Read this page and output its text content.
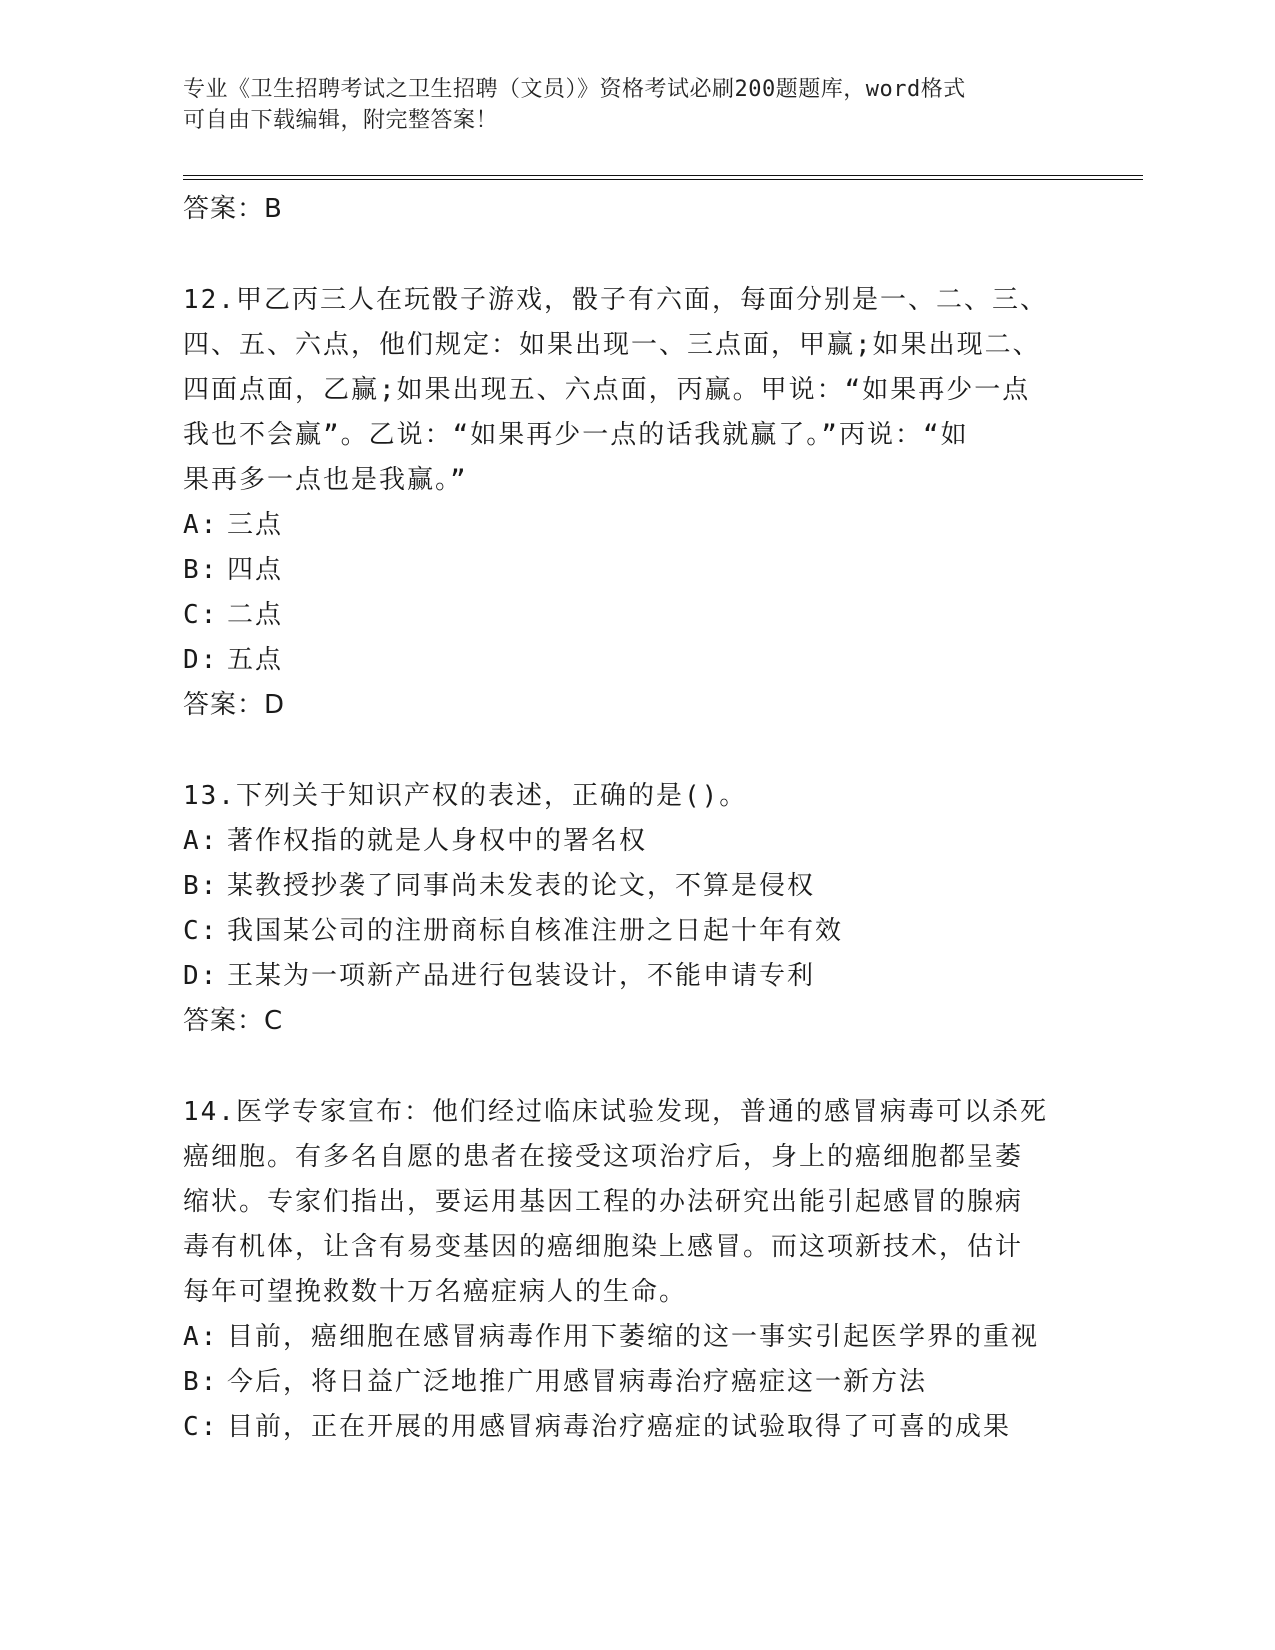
专业《卫生招聘考试之卫生招聘（文员）》资格考试必刷200题题库，word格式
可自由下载编辑，附完整答案！
答案：B
12.甲乙丙三人在玩骰子游戏，骰子有六面，每面分别是一、二、三、
四、五、六点，他们规定：如果出现一、三点面，甲赢;如果出现二、
四面点面，乙赢;如果出现五、六点面，丙赢。甲说：“如果再少一点
我也不会赢”。乙说：“如果再少一点的话我就赢了。”丙说：“如
果再多一点也是我赢。”
A: 三点
B: 四点
C: 二点
D: 五点
答案：D
13.下列关于知识产权的表述，正确的是()。
A: 著作权指的就是人身权中的署名权
B: 某教授抄袭了同事尚未发表的论文，不算是侵权
C: 我国某公司的注册商标自核准注册之日起十年有效
D: 王某为一项新产品进行包装设计，不能申请专利
答案：C
14.医学专家宣布：他们经过临床试验发现，普通的感冒病毒可以杀死
癌细胞。有多名自愿的患者在接受这项治疗后，身上的癌细胞都呈萎
缩状。专家们指出，要运用基因工程的办法研究出能引起感冒的腺病
毒有机体，让含有易变基因的癌细胞染上感冒。而这项新技术，估计
每年可望挽救数十万名癌症病人的生命。
A: 目前，癌细胞在感冒病毒作用下萎缩的这一事实引起医学界的重视
B: 今后，将日益广泛地推广用感冒病毒治疗癌症这一新方法
C: 目前，正在开展的用感冒病毒治疗癌症的试验取得了可喜的成果
